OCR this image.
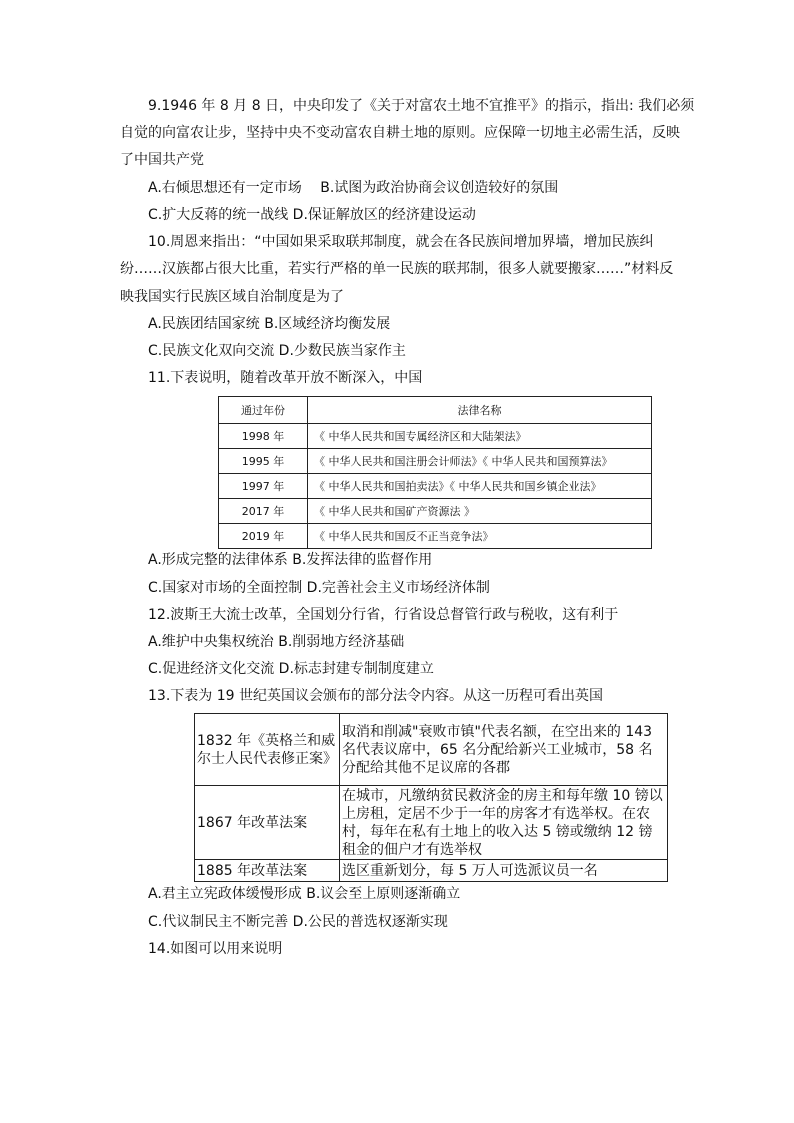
9.1946 年 8 月 8 日，中央印发了《关于对富农土地不宜推平》的指示，指出: 我们必须
自觉的向富农让步，坚持中央不变动富农自耕土地的原则。应保障一切地主必需生活，反映
了中国共产党
A.右倾思想还有一定市场　 B.试图为政治协商会议创造较好的氛围
C.扩大反蒋的统一战线 D.保证解放区的经济建设运动
10.周恩来指出：“中国如果采取联邦制度，就会在各民族间增加界墙，增加民族纠
纷……汉族都占很大比重，若实行严格的单一民族的联邦制，很多人就要搬家……”材料反
映我国实行民族区域自治制度是为了
A.民族团结国家统 B.区域经济均衡发展
C.民族文化双向交流 D.少数民族当家作主
11.下表说明，随着改革开放不断深入，中国
通过年份	法律名称
1998 年	《 中华人民共和国专属经济区和大陆架法》
1995 年	《 中华人民共和国注册会计师法》《 中华人民共和国预算法》
1997 年	《 中华人民共和国拍卖法》《 中华人民共和国乡镇企业法》
2017 年	《 中华人民共和国矿产资源法 》
2019 年	《 中华人民共和国反不正当竞争法》
A.形成完整的法律体系 B.发挥法律的监督作用
C.国家对市场的全面控制 D.完善社会主义市场经济体制
12.波斯王大流士改革，全国划分行省，行省设总督管行政与税收，这有利于
A.维护中央集权统治 B.削弱地方经济基础
C.促进经济文化交流 D.标志封建专制制度建立
13.下表为 19 世纪英国议会颁布的部分法令内容。从这一历程可看出英国
1832 年《英格兰和威尔士人民代表修正案》	取消和削减"衰败市镇"代表名额，在空出来的 143 名代表议席中，65 名分配给新兴工业城市，58 名分配给其他不足议席的各郡
1867 年改革法案	在城市，凡缴纳贫民救济金的房主和每年缴 10 镑以上房租，定居不少于一年的房客才有选举权。在农村，每年在私有土地上的收入达 5 镑或缴纳 12 镑租金的佃户才有选举权
1885 年改革法案	选区重新划分，每 5 万人可选派议员一名
A.君主立宪政体缓慢形成 B.议会至上原则逐渐确立
C.代议制民主不断完善 D.公民的普选权逐渐实现
14.如图可以用来说明
